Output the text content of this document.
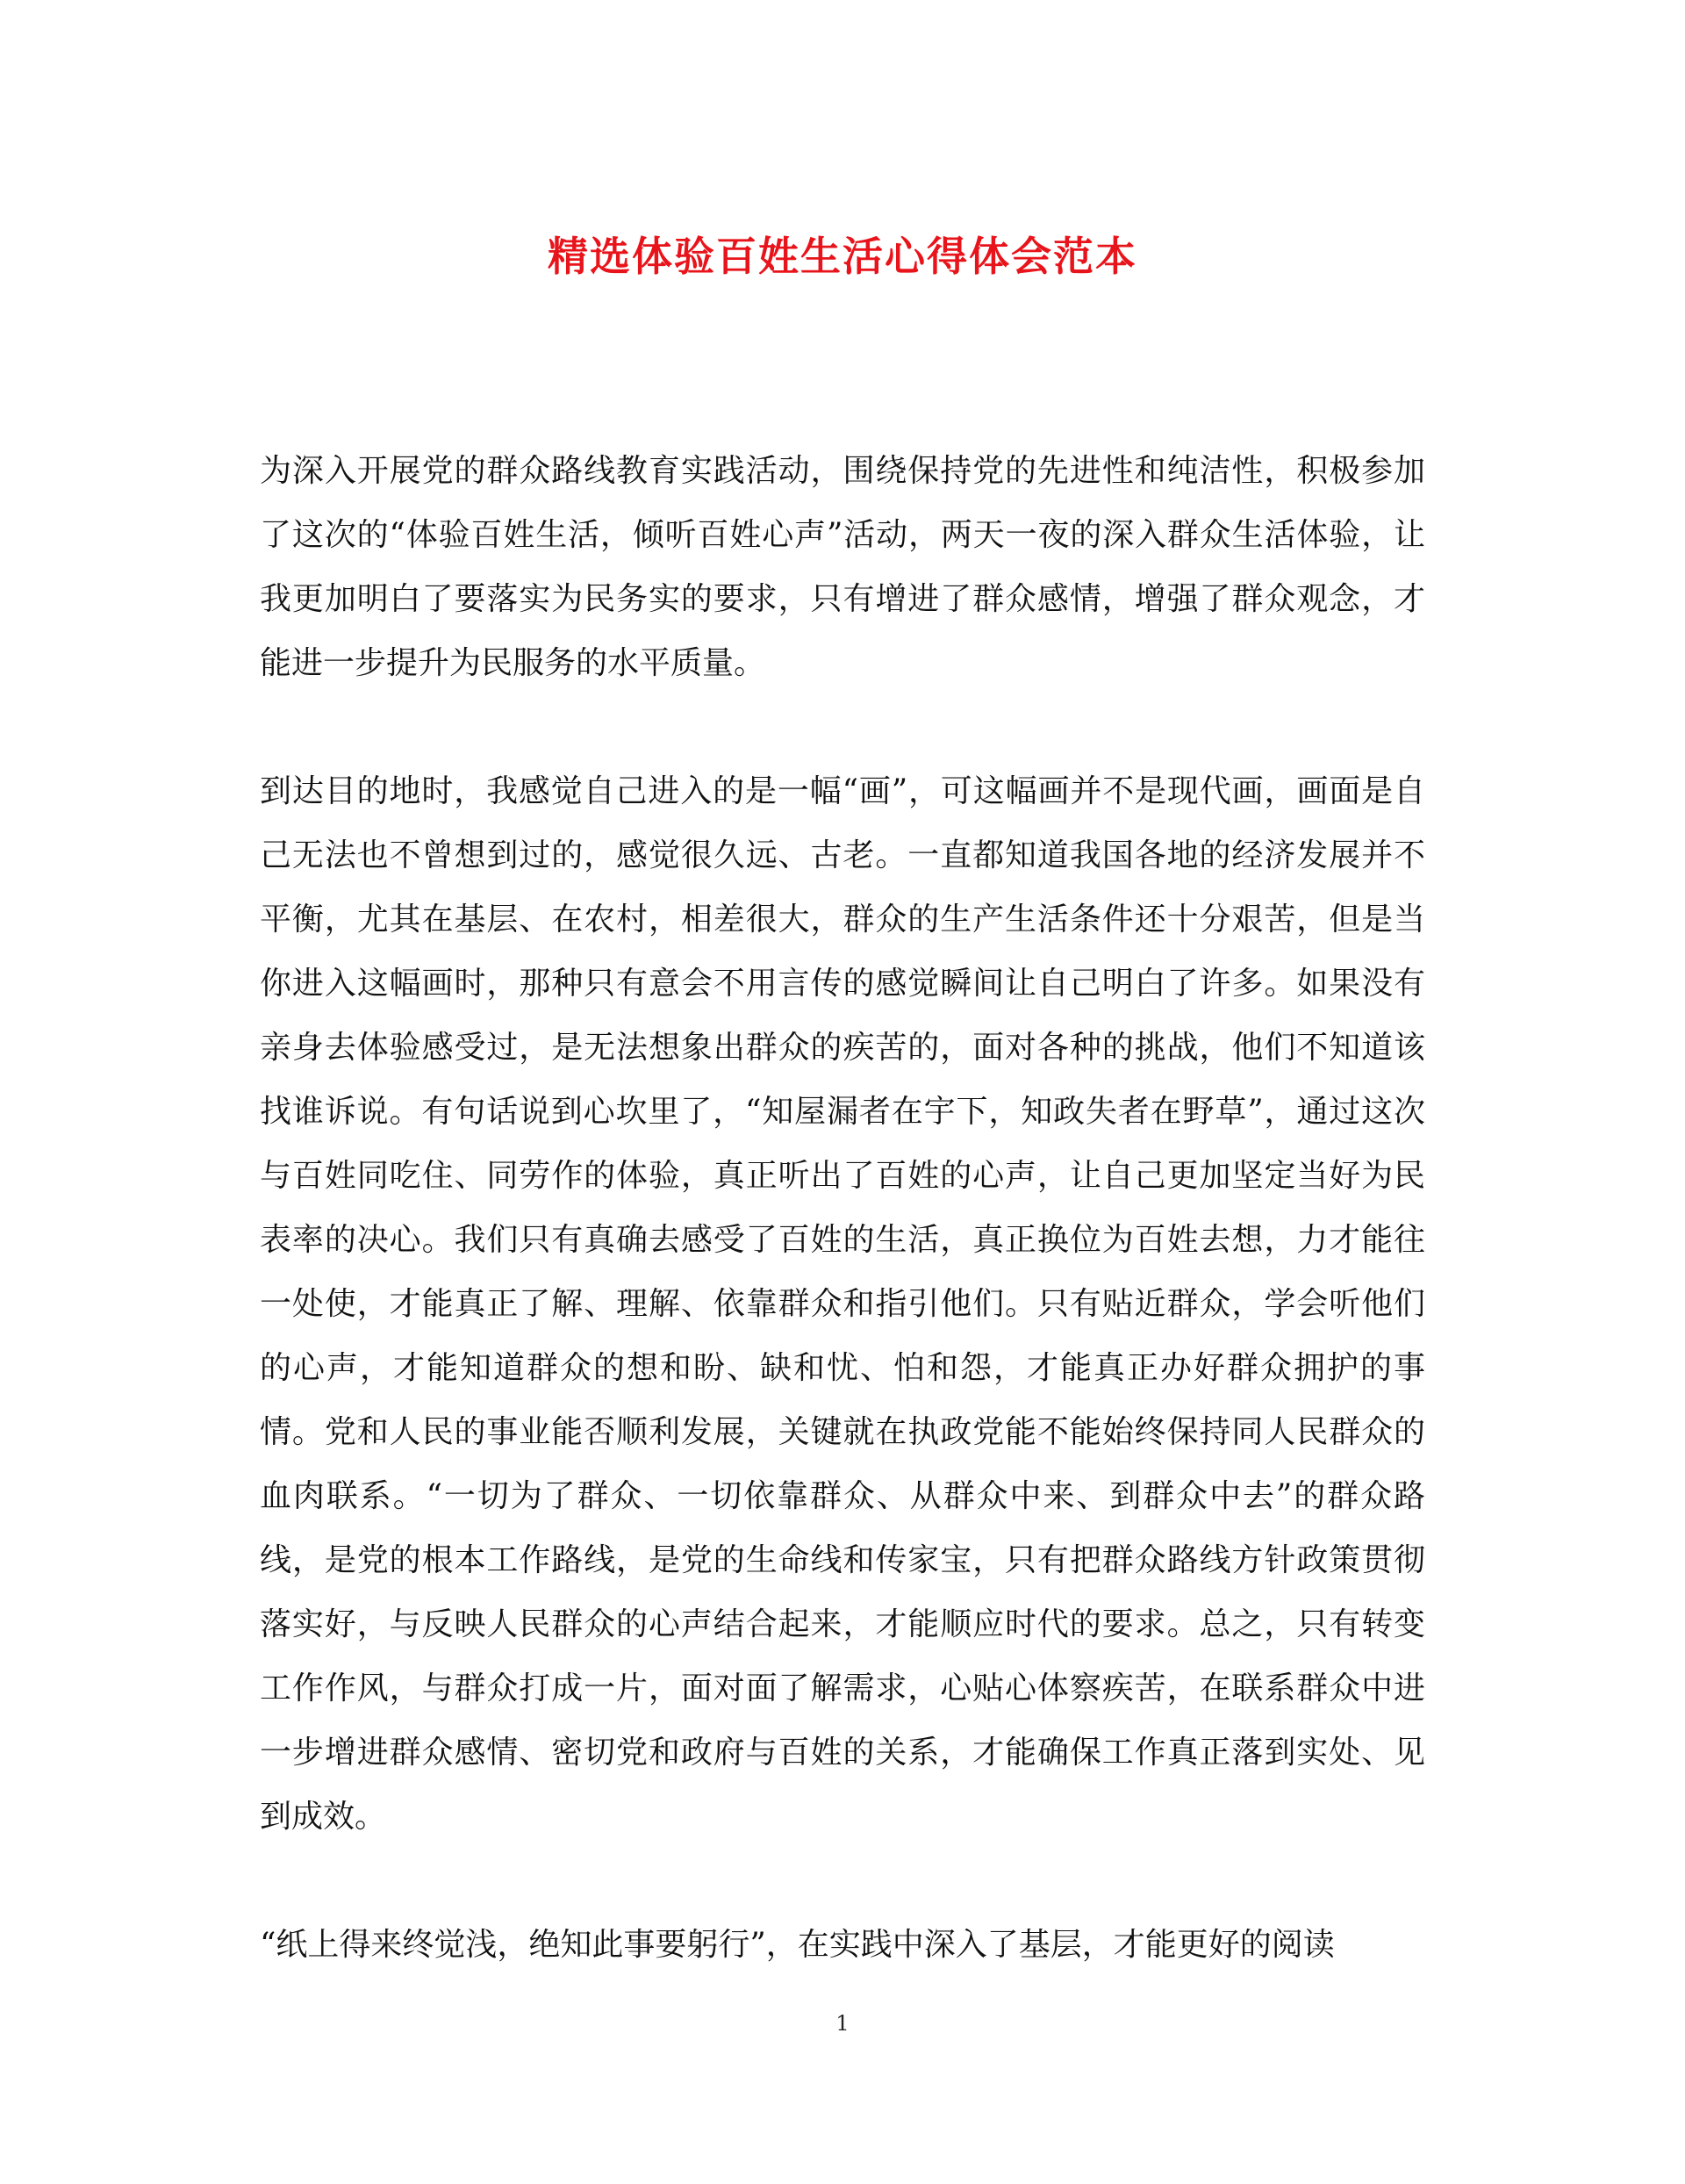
精选体验百姓生活心得体会范本

为深入开展党的群众路线教育实践活动，围绕保持党的先进性和纯洁性，积极参加了这次的“体验百姓生活，倾听百姓心声”活动，两天一夜的深入群众生活体验，让我更加明白了要落实为民务实的要求，只有增进了群众感情，增强了群众观念，才能进一步提升为民服务的水平质量。

到达目的地时，我感觉自己进入的是一幅“画”，可这幅画并不是现代画，画面是自己无法也不曾想到过的，感觉很久远、古老。一直都知道我国各地的经济发展并不平衡，尤其在基层、在农村，相差很大，群众的生产生活条件还十分艰苦，但是当你进入这幅画时，那种只有意会不用言传的感觉瞬间让自己明白了许多。如果没有亲身去体验感受过，是无法想象出群众的疾苦的，面对各种的挑战，他们不知道该找谁诉说。有句话说到心坎里了，“知屋漏者在宇下，知政失者在野草”，通过这次与百姓同吃住、同劳作的体验，真正听出了百姓的心声，让自己更加坚定当好为民表率的决心。我们只有真确去感受了百姓的生活，真正换位为百姓去想，力才能往一处使，才能真正了解、理解、依靠群众和指引他们。只有贴近群众，学会听他们的心声，才能知道群众的想和盼、缺和忧、怕和怨，才能真正办好群众拥护的事情。党和人民的事业能否顺利发展，关键就在执政党能不能始终保持同人民群众的血肉联系。“一切为了群众、一切依靠群众、从群众中来、到群众中去”的群众路线，是党的根本工作路线，是党的生命线和传家宝，只有把群众路线方针政策贯彻落实好，与反映人民群众的心声结合起来，才能顺应时代的要求。总之，只有转变工作作风，与群众打成一片，面对面了解需求，心贴心体察疾苦，在联系群众中进一步增进群众感情、密切党和政府与百姓的关系，才能确保工作真正落到实处、见到成效。

“纸上得来终觉浅，绝知此事要躬行”，在实践中深入了基层，才能更好的阅读

1
